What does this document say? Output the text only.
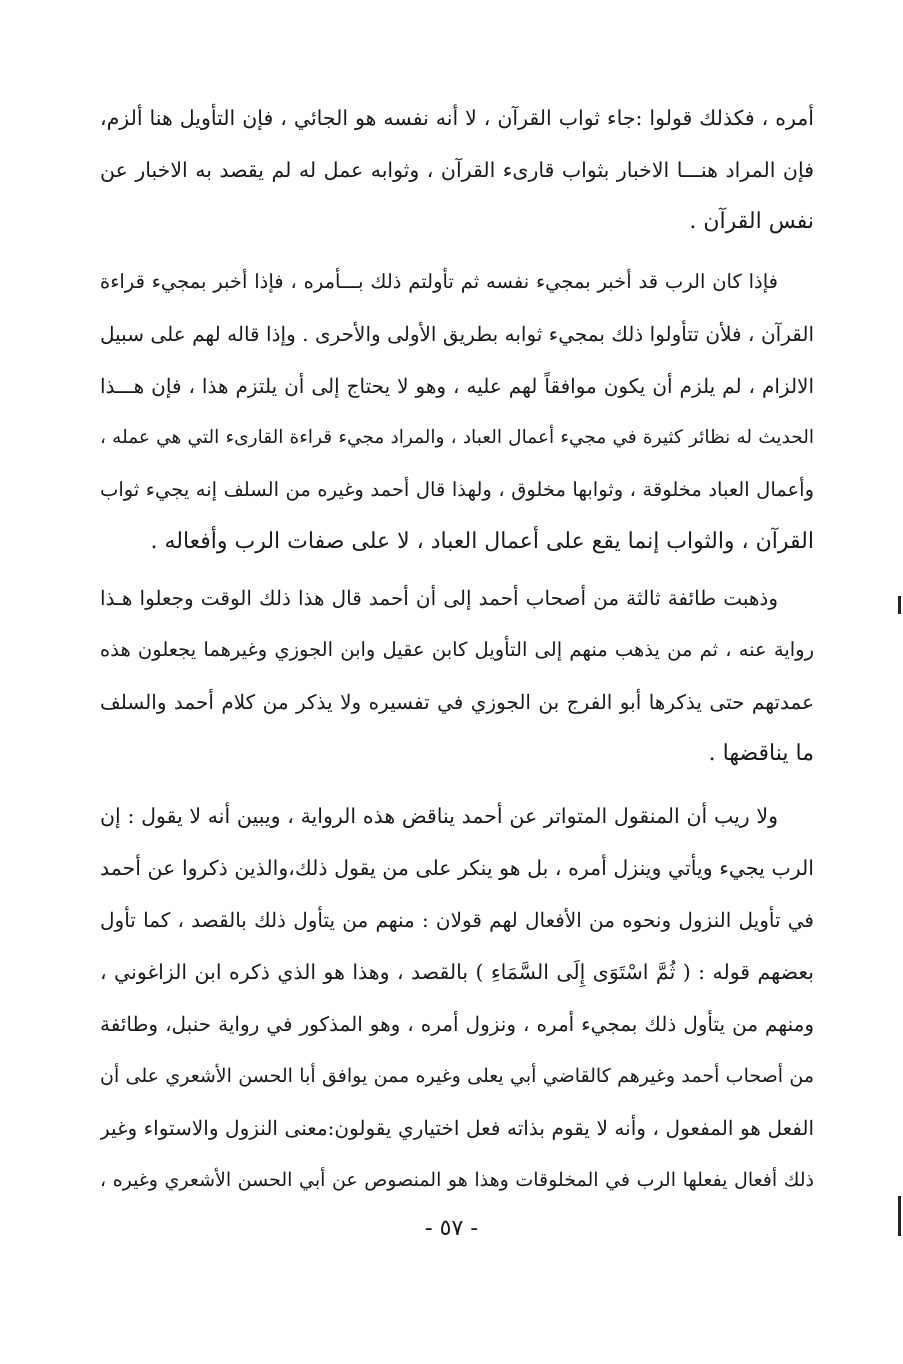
أمره ، فكذلك قولوا :جاء ثواب القرآن ، لا أنه نفسه هو الجائي ، فإن التأويل هنا ألزم،
فإن المراد هنـــا الاخبار بثواب قارىء القرآن ، وثوابه عمل له لم يقصد به الاخبار عن
نفس القرآن .
فإذا كان الرب قد أخبر بمجيء نفسه ثم تأولتم ذلك بـــأمره ، فإذا أخبر بمجيء قراءة
القرآن ، فلأن تتأولوا ذلك بمجيء ثوابه بطريق الأولى والأحرى . وإذا قاله لهم على سبيل
الالزام ، لم يلزم أن يكون موافقاً لهم عليه ، وهو لا يحتاج إلى أن يلتزم هذا ، فإن هـــذا
الحديث له نظائر كثيرة في مجيء أعمال العباد ، والمراد مجيء قراءة القارىء التي هي عمله ،
وأعمال العباد مخلوقة ، وثوابها مخلوق ، ولهذا قال أحمد وغيره من السلف إنه يجيء ثواب
القرآن ، والثواب إنما يقع على أعمال العباد ، لا على صفات الرب وأفعاله .
وذهبت طائفة ثالثة من أصحاب أحمد إلى أن أحمد قال هذا ذلك الوقت وجعلوا هـذا
رواية عنه ، ثم من يذهب منهم إلى التأويل كابن عقيل وابن الجوزي وغيرهما يجعلون هذه
عمدتهم حتى يذكرها أبو الفرج بن الجوزي في تفسيره ولا يذكر من كلام أحمد والسلف
ما يناقضها .
ولا ريب أن المنقول المتواتر عن أحمد يناقض هذه الرواية ، ويبين أنه لا يقول : إن
الرب يجيء ويأتي وينزل أمره ، بل هو ينكر على من يقول ذلك،والذين ذكروا عن أحمد
في تأويل النزول ونحوه من الأفعال لهم قولان : منهم من يتأول ذلك بالقصد ، كما تأول
بعضهم قوله : ( ثُمَّ اسْتَوَى إِلَى السَّمَاءِ ) بالقصد ، وهذا هو الذي ذكره ابن الزاغوني ،
ومنهم من يتأول ذلك بمجيء أمره ، ونزول أمره ، وهو المذكور في رواية حنبل، وطائفة
من أصحاب أحمد وغيرهم كالقاضي أبي يعلى وغيره ممن يوافق أبا الحسن الأشعري على أن
الفعل هو المفعول ، وأنه لا يقوم بذاته فعل اختياري يقولون:معنى النزول والاستواء وغير
ذلك أفعال يفعلها الرب في المخلوقات وهذا هو المنصوص عن أبي الحسن الأشعري وغيره ،
- ٥٧ -
